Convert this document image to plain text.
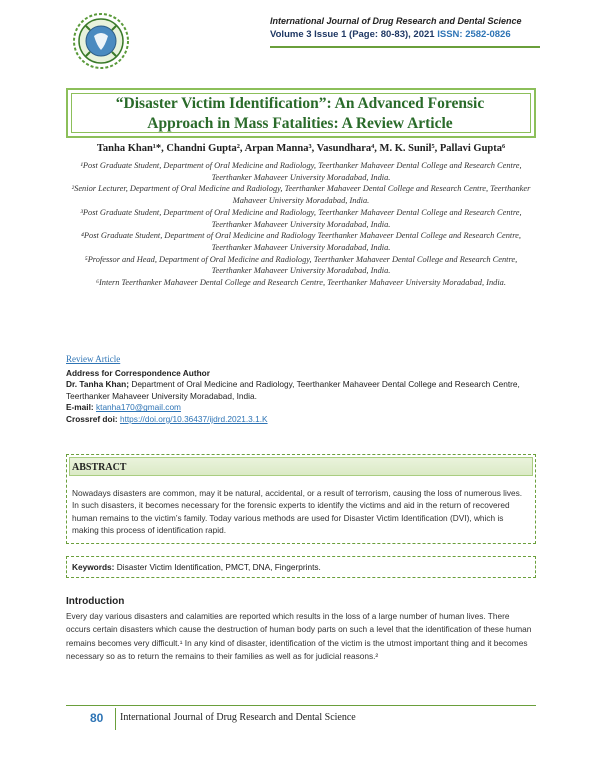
International Journal of Drug Research and Dental Science
Volume 3 Issue 1 (Page: 80-83), 2021 ISSN: 2582-0826
“Disaster Victim Identification”: An Advanced Forensic
Approach in Mass Fatalities: A Review Article
Tanha Khan¹*, Chandni Gupta², Arpan Manna³, Vasundhara⁴, M. K. Sunil⁵, Pallavi Gupta⁶

¹Post Graduate Student, Department of Oral Medicine and Radiology, Teerthanker Mahaveer Dental College and Research Centre, Teerthanker Mahaveer University Moradabad, India.

²Senior Lecturer, Department of Oral Medicine and Radiology, Teerthanker Mahaveer Dental College and Research Centre, Teerthanker Mahaveer University Moradabad, India.

³Post Graduate Student, Department of Oral Medicine and Radiology, Teerthanker Mahaveer Dental College and Research Centre, Teerthanker Mahaveer University Moradabad, India.

⁴Post Graduate Student, Department of Oral Medicine and Radiology Teerthanker Mahaveer Dental College and Research Centre, Teerthanker Mahaveer University Moradabad, India.

⁵Professor and Head, Department of Oral Medicine and Radiology, Teerthanker Mahaveer Dental College and Research Centre, Teerthanker Mahaveer University Moradabad, India.

⁶Intern Teerthanker Mahaveer Dental College and Research Centre, Teerthanker Mahaveer University Moradabad, India.

Review Article
Address for Correspondence Author
Dr. Tanha Khan; Department of Oral Medicine and Radiology, Teerthanker Mahaveer Dental College and Research Centre, Teerthanker Mahaveer University Moradabad, India.
E-mail: ktanha170@gmail.com
Crossref doi: https://doi.org/10.36437/ijdrd.2021.3.1.K
ABSTRACT
Nowadays disasters are common, may it be natural, accidental, or a result of terrorism, causing the loss of numerous lives. In such disasters, it becomes necessary for the forensic experts to identify the victims and aid in the return of recovered human remains to the victim’s family. Today various methods are used for Disaster Victim Identification (DVI), which is making this process of identification rapid.
Keywords: Disaster Victim Identification, PMCT, DNA, Fingerprints.
Introduction
Every day various disasters and calamities are reported which results in the loss of a large number of human lives. There occurs certain disasters which cause the destruction of human body parts on such a level that the identification of these human remains becomes very difficult.¹ In any kind of disaster, identification of the victim is the utmost important thing and it becomes necessary so as to return the remains to their families as well as for judicial reasons.²
80 International Journal of Drug Research and Dental Science
